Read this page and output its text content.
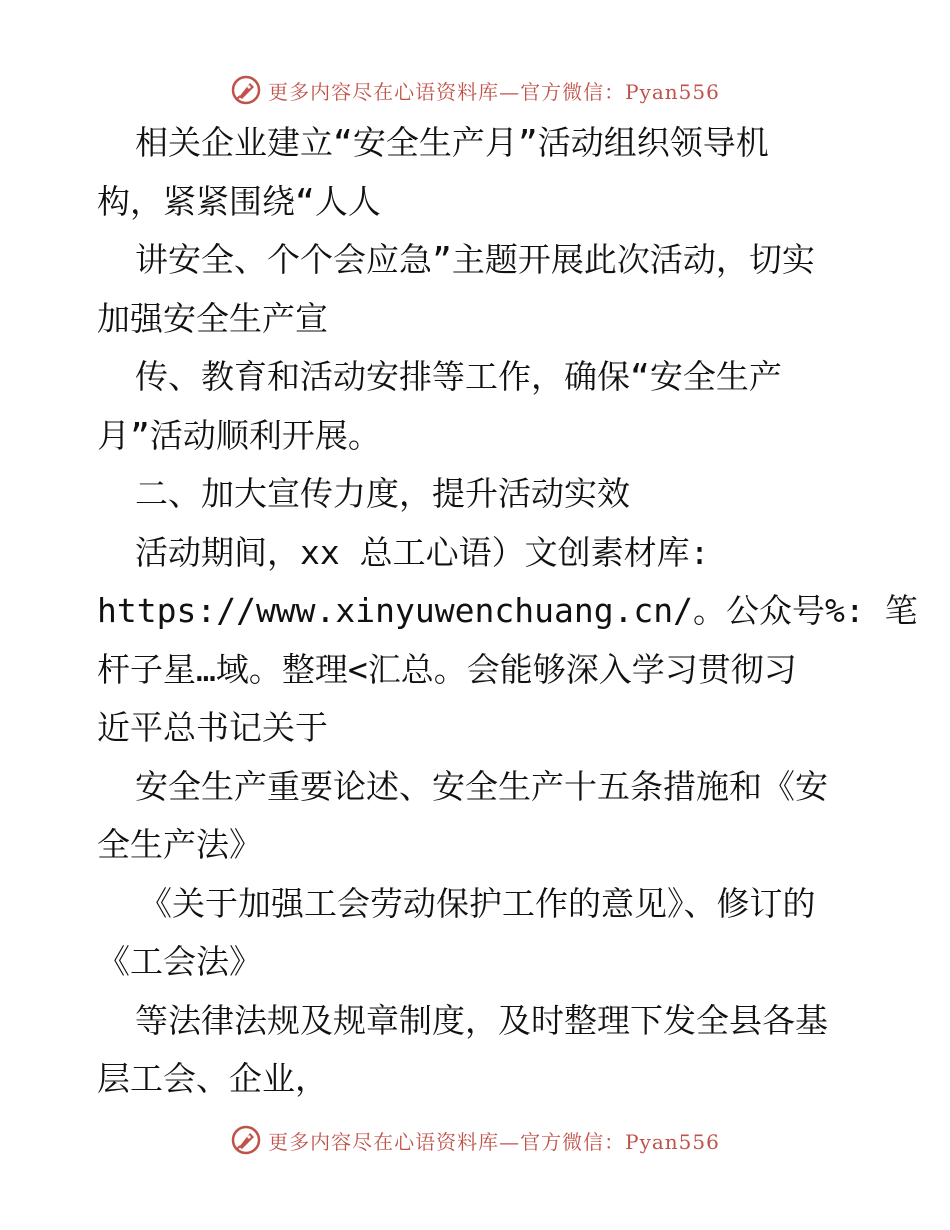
更多内容尽在心语资料库—官方微信：Pyan556
相关企业建立“安全生产月”活动组织领导机
构，紧紧围绕“人人
讲安全、个个会应急”主题开展此次活动，切实
加强安全生产宣
传、教育和活动安排等工作，确保“安全生产
月”活动顺利开展。
二、加大宣传力度，提升活动实效
活动期间，xx 总工心语）文创素材库:
https://www.xinyuwenchuang.cn/。公众号%: 笔
杆子星…域。整理<汇总。会能够深入学习贯彻习
近平总书记关于
安全生产重要论述、安全生产十五条措施和《安
全生产法》
《关于加强工会劳动保护工作的意见》、修订的
《工会法》
等法律法规及规章制度，及时整理下发全县各基
层工会、企业，
更多内容尽在心语资料库—官方微信：Pyan556
